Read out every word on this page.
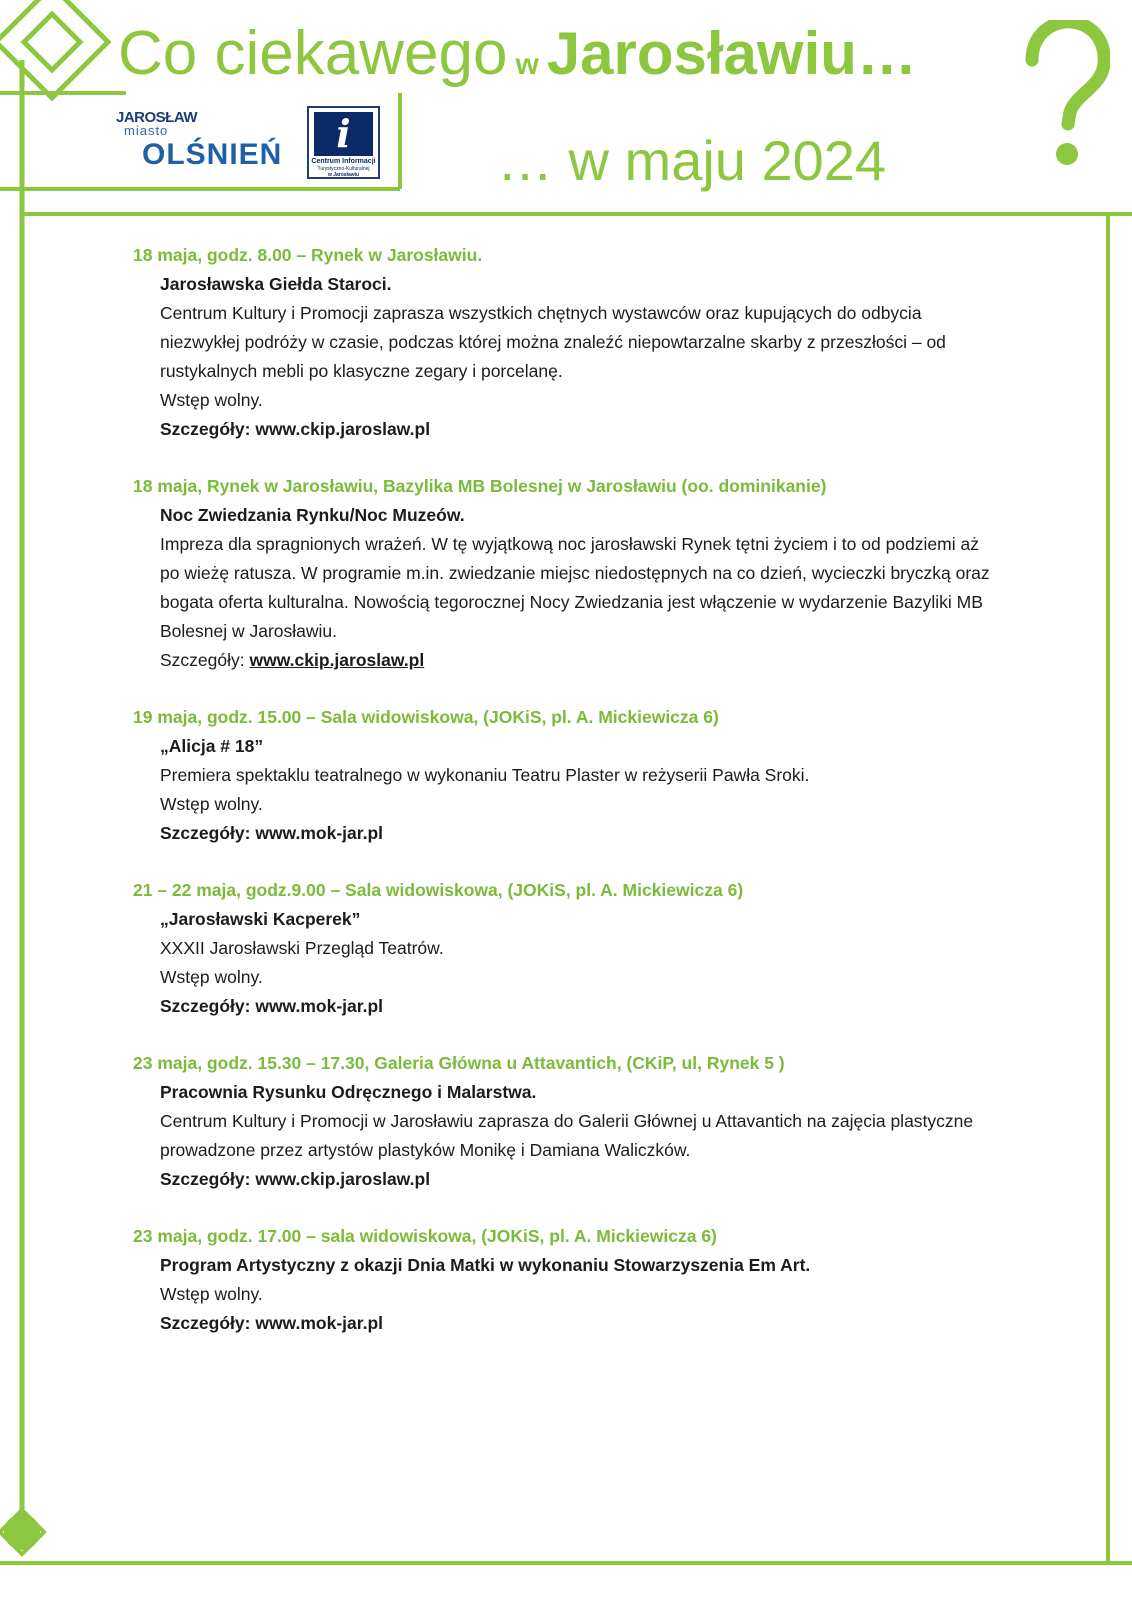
Co ciekawego w Jarosławiu…
… w maju 2024
JAROSŁAW
miasto
OLŚNIEŃ	i
Centrum Informacji
Turystyczno-Kulturalnej
w Jarosławiu
18 maja, godz. 8.00 – Rynek w Jarosławiu.
Jarosławska Giełda Staroci.

Centrum Kultury i Promocji zaprasza wszystkich chętnych wystawców oraz kupujących do odbycia niezwykłej podróży w czasie, podczas której można znaleźć niepowtarzalne skarby z przeszłości – od rustykalnych mebli po klasyczne zegary i porcelanę.

Wstęp wolny.
Szczegóły: www.ckip.jaroslaw.pl
18 maja, Rynek w Jarosławiu, Bazylika MB Bolesnej w Jarosławiu (oo. dominikanie)
Noc Zwiedzania Rynku/Noc Muzeów.

Impreza dla spragnionych wrażeń. W tę wyjątkową noc jarosławski Rynek tętni życiem i to od podziemi aż po wieżę ratusza. W programie m.in. zwiedzanie miejsc niedostępnych na co dzień, wycieczki bryczką oraz bogata oferta kulturalna. Nowością tegorocznej Nocy Zwiedzania jest włączenie w wydarzenie Bazyliki MB Bolesnej w Jarosławiu.

Szczegóły: www.ckip.jaroslaw.pl
19 maja, godz. 15.00 – Sala widowiskowa, (JOKiS, pl. A. Mickiewicza 6)
„Alicja # 18”

Premiera spektaklu teatralnego w wykonaniu Teatru Plaster w reżyserii Pawła Sroki.

Wstęp wolny.
Szczegóły: www.mok-jar.pl
21 – 22 maja, godz.9.00 – Sala widowiskowa, (JOKiS, pl. A. Mickiewicza 6)
„Jarosławski Kacperek”

XXXII Jarosławski Przegląd Teatrów.

Wstęp wolny.
Szczegóły: www.mok-jar.pl
23 maja, godz. 15.30 – 17.30, Galeria Główna u Attavantich, (CKiP, ul, Rynek 5 )
Pracownia Rysunku Odręcznego i Malarstwa.

Centrum Kultury i Promocji w Jarosławiu zaprasza do Galerii Głównej u Attavantich na zajęcia plastyczne prowadzone przez artystów plastyków Monikę i Damiana Waliczków.

Szczegóły: www.ckip.jaroslaw.pl
23 maja, godz. 17.00 – sala widowiskowa, (JOKiS, pl. A. Mickiewicza 6)
Program Artystyczny z okazji Dnia Matki w wykonaniu Stowarzyszenia Em Art.
Wstęp wolny.
Szczegóły: www.mok-jar.pl
